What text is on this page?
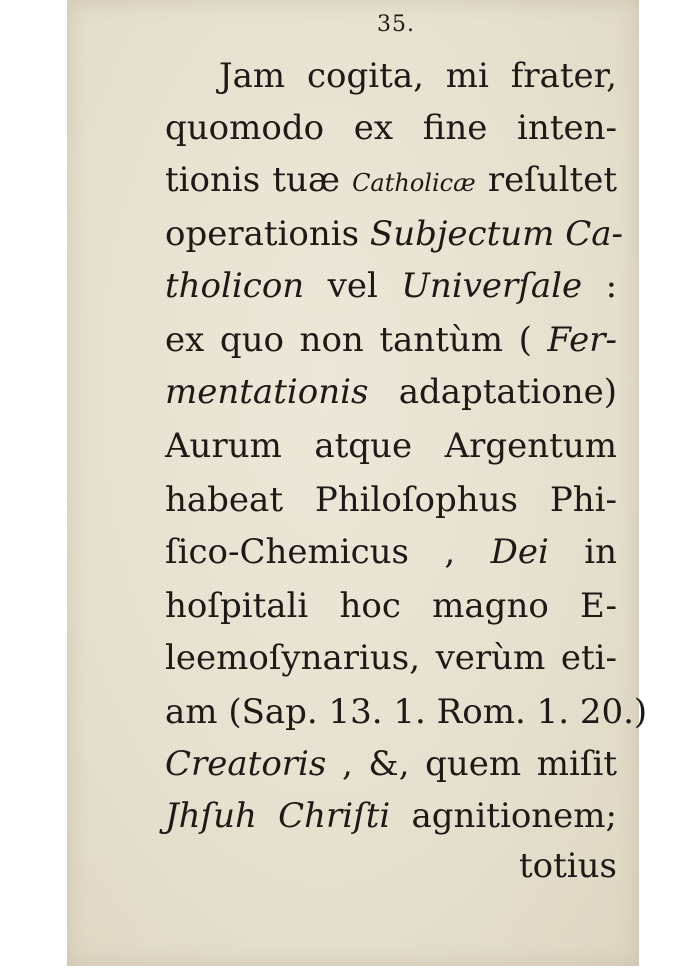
35.
Jam cogita, mi frater,
quomodo ex fine inten-
tionis tuæ Catholicæ reſultet
operationis Subjectum Ca-
tholicon vel Univerſale :
ex quo non tantùm ( Fer-
mentationis adaptatione)
Aurum atque Argentum
habeat Philoſophus Phi-
ſico-Chemicus , Dei in
hoſpitali hoc magno E-
leemoſynarius, verùm eti-
am (Sap. 13. 1. Rom. 1. 20.)
Creatoris , &, quem miſit
Jhſuh Chriſti agnitionem;
totius
